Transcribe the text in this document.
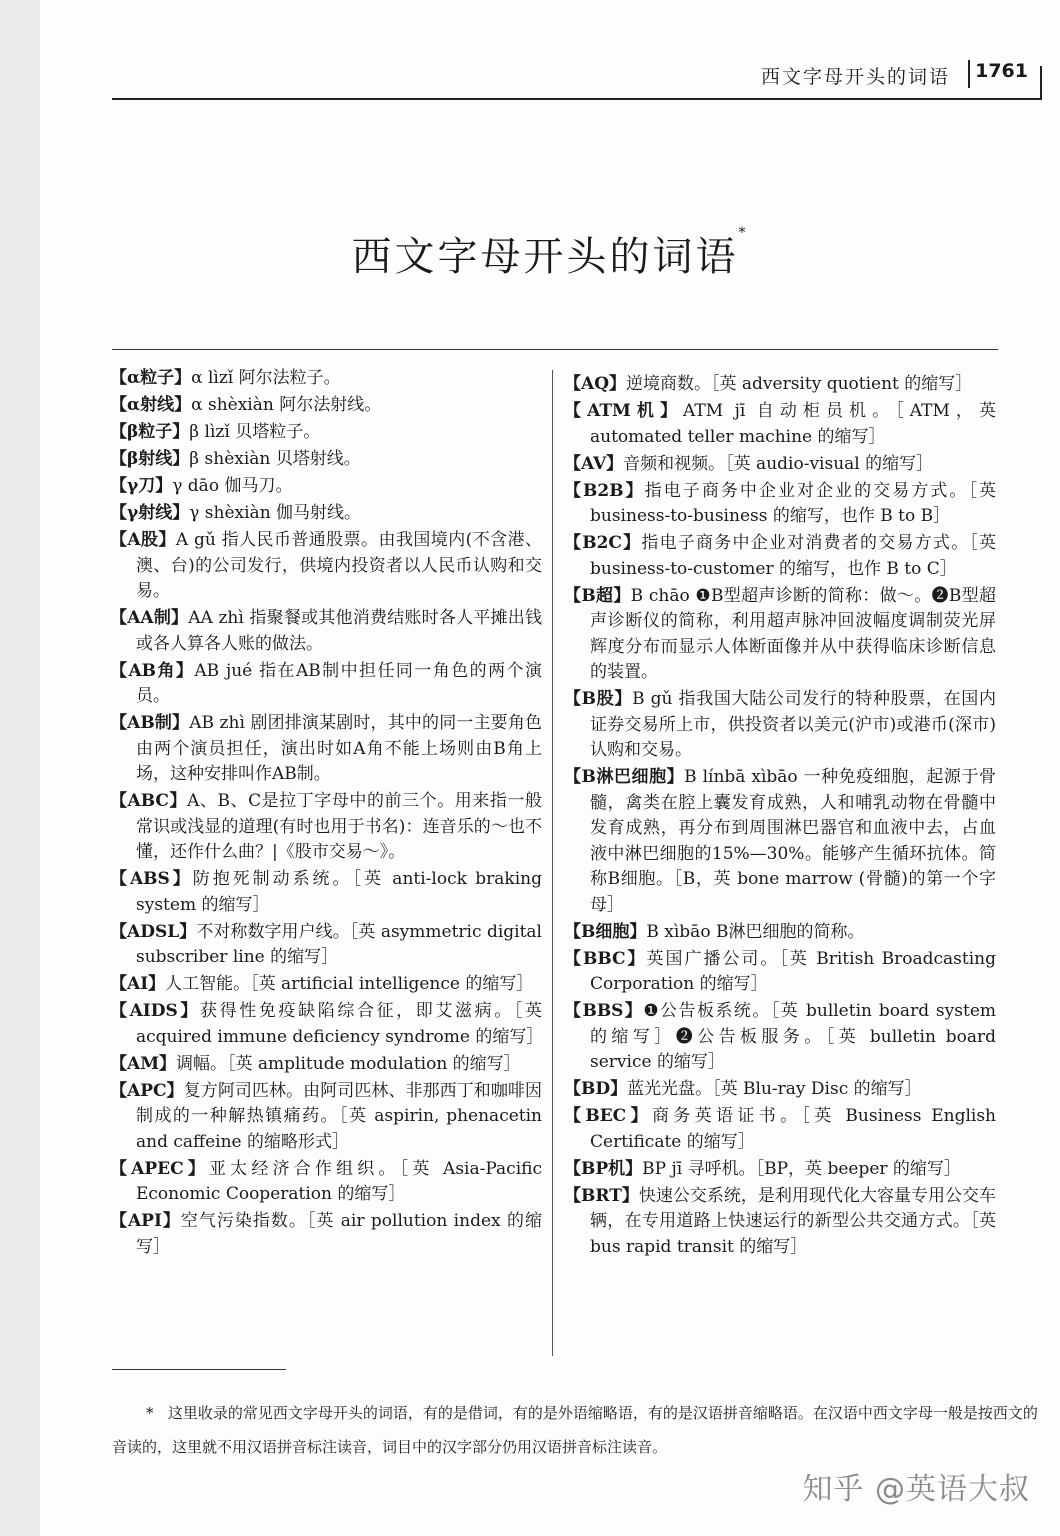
西文字母开头的词语 1761
西文字母开头的词语*

【α粒子】α lìzǐ 阿尔法粒子。

【α射线】α shèxiàn 阿尔法射线。

【β粒子】β lìzǐ 贝塔粒子。

【β射线】β shèxiàn 贝塔射线。

【γ刀】γ dāo 伽马刀。

【γ射线】γ shèxiàn 伽马射线。

【A股】A gǔ 指人民币普通股票。由我国境内(不含港、澳、台)的公司发行，供境内投资者以人民币认购和交易。

【AA制】AA zhì 指聚餐或其他消费结账时各人平摊出钱或各人算各人账的做法。

【AB角】AB jué 指在AB制中担任同一角色的两个演员。

【AB制】AB zhì 剧团排演某剧时，其中的同一主要角色由两个演员担任，演出时如A角不能上场则由B角上场，这种安排叫作AB制。

【ABC】A、B、C是拉丁字母中的前三个。用来指一般常识或浅显的道理(有时也用于书名)：连音乐的～也不懂，还作什么曲？|《股市交易～》。

【ABS】防抱死制动系统。［英 anti-lock braking system 的缩写］

【ADSL】不对称数字用户线。［英 asymmetric digital subscriber line 的缩写］

【AI】人工智能。［英 artificial intelligence 的缩写］

【AIDS】获得性免疫缺陷综合征，即艾滋病。［英 acquired immune deficiency syndrome 的缩写］

【AM】调幅。［英 amplitude modulation 的缩写］

【APC】复方阿司匹林。由阿司匹林、非那西丁和咖啡因制成的一种解热镇痛药。［英 aspirin, phenacetin and caffeine 的缩略形式］

【APEC】亚太经济合作组织。［英 Asia-Pacific Economic Cooperation 的缩写］

【API】空气污染指数。［英 air pollution index 的缩写］

【AQ】逆境商数。［英 adversity quotient 的缩写］

【ATM机】ATM jī 自动柜员机。［ATM，英 automated teller machine 的缩写］

【AV】音频和视频。［英 audio-visual 的缩写］

【B2B】指电子商务中企业对企业的交易方式。［英 business-to-business 的缩写，也作 B to B］

【B2C】指电子商务中企业对消费者的交易方式。［英 business-to-customer 的缩写，也作 B to C］

【B超】B chāo ❶B型超声诊断的简称：做～。❷B型超声诊断仪的简称，利用超声脉冲回波幅度调制荧光屏辉度分布而显示人体断面像并从中获得临床诊断信息的装置。

【B股】B gǔ 指我国大陆公司发行的特种股票，在国内证券交易所上市，供投资者以美元(沪市)或港币(深市)认购和交易。

【B淋巴细胞】B línbā xìbāo 一种免疫细胞，起源于骨髓，禽类在腔上囊发育成熟，人和哺乳动物在骨髓中发育成熟，再分布到周围淋巴器官和血液中去，占血液中淋巴细胞的15%—30%。能够产生循环抗体。简称B细胞。［B，英 bone marrow (骨髓)的第一个字母］

【B细胞】B xìbāo B淋巴细胞的简称。

【BBC】英国广播公司。［英 British Broadcasting Corporation 的缩写］

【BBS】❶公告板系统。［英 bulletin board system 的缩写］❷公告板服务。［英 bulletin board service 的缩写］

【BD】蓝光光盘。［英 Blu-ray Disc 的缩写］

【BEC】商务英语证书。［英 Business English Certificate 的缩写］

【BP机】BP jī 寻呼机。［BP，英 beeper 的缩写］

【BRT】快速公交系统，是利用现代化大容量专用公交车辆，在专用道路上快速运行的新型公共交通方式。［英 bus rapid transit 的缩写］

* 这里收录的常见西文字母开头的词语，有的是借词，有的是外语缩略语，有的是汉语拼音缩略语。在汉语中西文字母一般是按西文的音读的，这里就不用汉语拼音标注读音，词目中的汉字部分仍用汉语拼音标注读音。
知乎 @英语大叔
